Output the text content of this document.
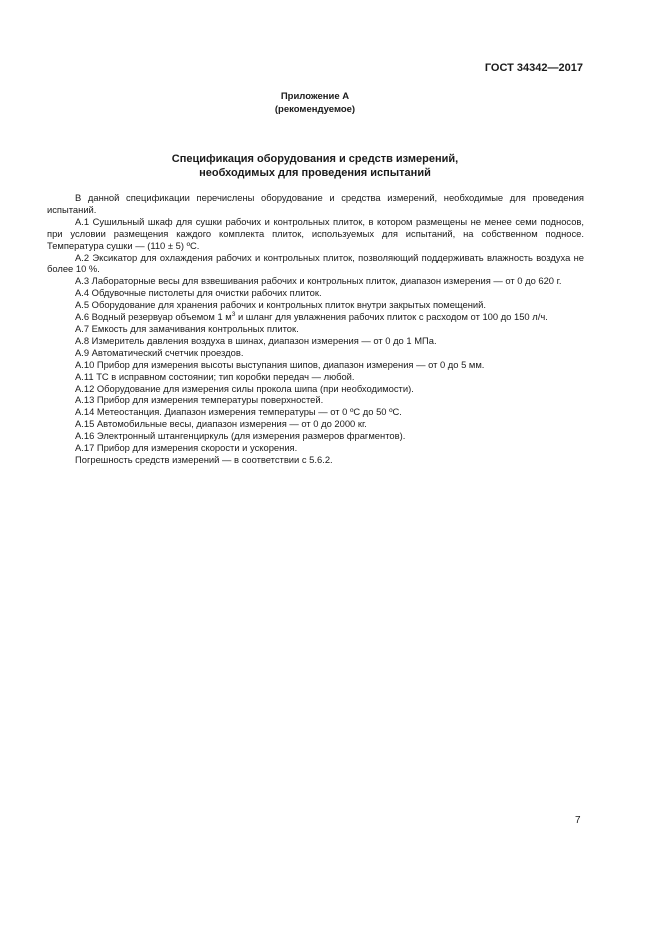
ГОСТ 34342—2017
Приложение А
(рекомендуемое)
Спецификация оборудования и средств измерений,
необходимых для проведения испытаний

В данной спецификации перечислены оборудование и средства измерений, необходимые для проведения испытаний.

А.1 Сушильный шкаф для сушки рабочих и контрольных плиток, в котором размещены не менее семи подносов, при условии размещения каждого комплекта плиток, используемых для испытаний, на собственном подносе. Температура сушки — (110 ± 5) ºС.

А.2 Эксикатор для охлаждения рабочих и контрольных плиток, позволяющий поддерживать влажность воздуха не более 10 %.

А.3 Лабораторные весы для взвешивания рабочих и контрольных плиток, диапазон измерения — от 0 до 620 г.

А.4 Обдувочные пистолеты для очистки рабочих плиток.

А.5 Оборудование для хранения рабочих и контрольных плиток внутри закрытых помещений.

А.6 Водный резервуар объемом 1 $м^3$ и шланг для увлажнения рабочих плиток с расходом от 100 до 150 л/ч.

А.7 Емкость для замачивания контрольных плиток.

А.8 Измеритель давления воздуха в шинах, диапазон измерения — от 0 до 1 МПа.

А.9 Автоматический счетчик проездов.

А.10 Прибор для измерения высоты выступания шипов, диапазон измерения — от 0 до 5 мм.

А.11 ТС в исправном состоянии; тип коробки передач — любой.

А.12 Оборудование для измерения силы прокола шипа (при необходимости).

А.13 Прибор для измерения температуры поверхностей.

А.14 Метеостанция. Диапазон измерения температуры — от 0 ºС до 50 ºС.

А.15 Автомобильные весы, диапазон измерения — от 0 до 2000 кг.

А.16 Электронный штангенциркуль (для измерения размеров фрагментов).

А.17 Прибор для измерения скорости и ускорения.

Погрешность средств измерений — в соответствии с 5.6.2.

7
